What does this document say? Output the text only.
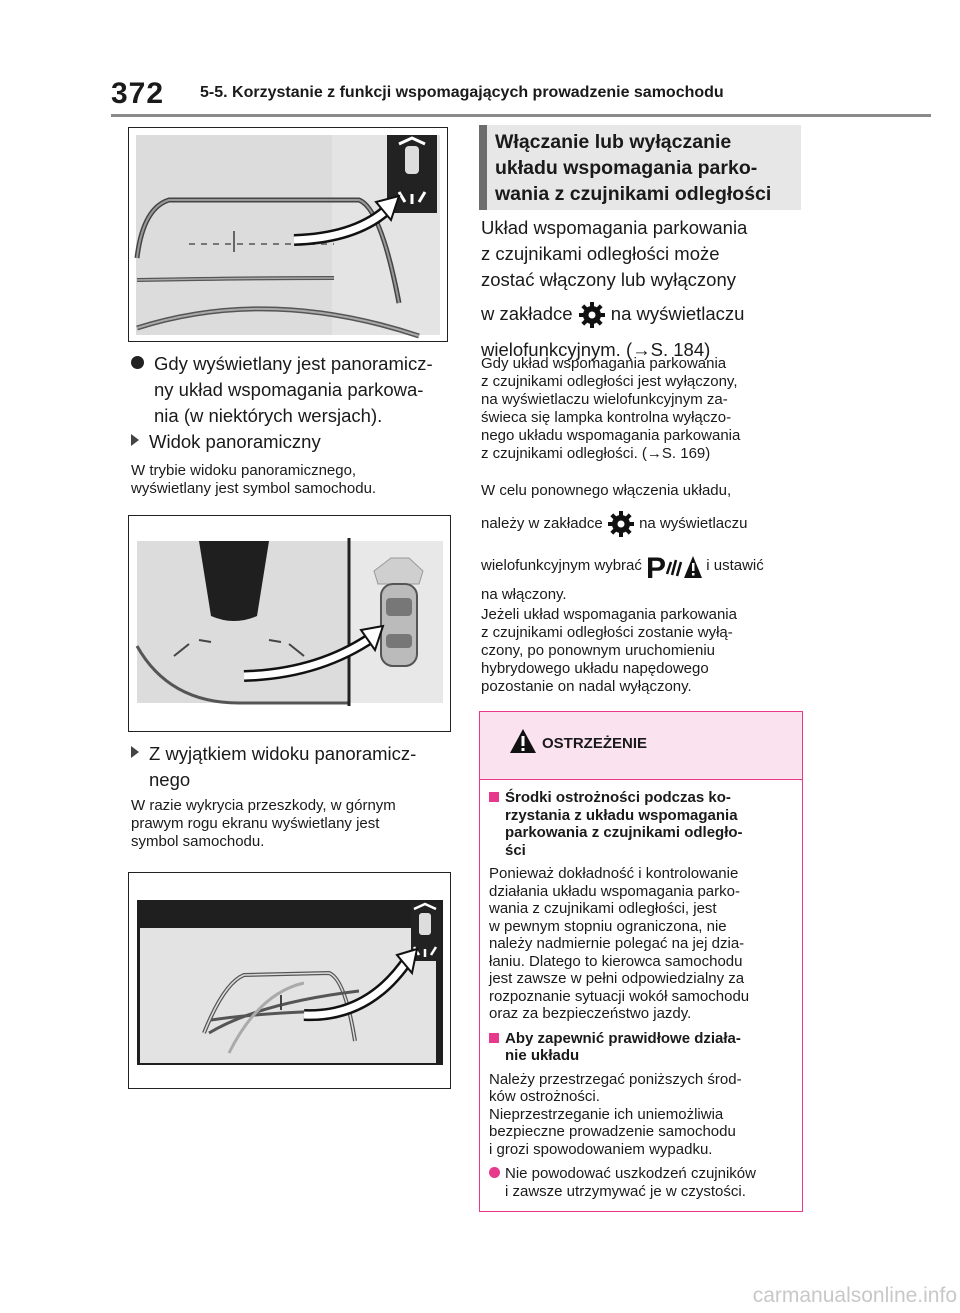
372 5-5. Korzystanie z funkcji wspomagających prowadzenie samochodu
Gdy wyświetlany jest panoramicz-
ny układ wspomagania parkowa-
nia (w niektórych wersjach).
Widok panoramiczny
W trybie widoku panoramicznego,
wyświetlany jest symbol samochodu.
Z wyjątkiem widoku panoramicz-
nego
W razie wykrycia przeszkody, w górnym
prawym rogu ekranu wyświetlany jest
symbol samochodu.
Włączanie lub wyłączanie
układu wspomagania parko-
wania z czujnikami odległości
Układ wspomagania parkowania
z czujnikami odległości może
zostać włączony lub wyłączony
w zakładce na wyświetlaczu
wielofunkcyjnym. (→S. 184)
Gdy układ wspomagania parkowania
z czujnikami odległości jest wyłączony,
na wyświetlaczu wielofunkcyjnym za-
świeca się lampka kontrolna wyłączo-
nego układu wspomagania parkowania
z czujnikami odległości. (→S. 169)
W celu ponownego włączenia układu,
należy w zakładce na wyświetlaczu
wielofunkcyjnym wybrać P	i ustawić
na włączony.
Jeżeli układ wspomagania parkowania
z czujnikami odległości zostanie wyłą-
czony, po ponownym uruchomieniu
hybrydowego układu napędowego
pozostanie on nadal wyłączony.
OSTRZEŻENIE
Środki ostrożności podczas ko-
rzystania z układu wspomagania
parkowania z czujnikami odległo-
ści
Ponieważ dokładność i kontrolowanie
działania układu wspomagania parko-
wania z czujnikami odległości, jest
w pewnym stopniu ograniczona, nie
należy nadmiernie polegać na jej dzia-
łaniu. Dlatego to kierowca samochodu
jest zawsze w pełni odpowiedzialny za
rozpoznanie sytuacji wokół samochodu
oraz za bezpieczeństwo jazdy.
Aby zapewnić prawidłowe działa-
nie układu
Należy przestrzegać poniższych środ-
ków ostrożności.
Nieprzestrzeganie ich uniemożliwia
bezpieczne prowadzenie samochodu
i grozi spowodowaniem wypadku.
Nie powodować uszkodzeń czujników
i zawsze utrzymywać je w czystości.
carmanualsonline.info
